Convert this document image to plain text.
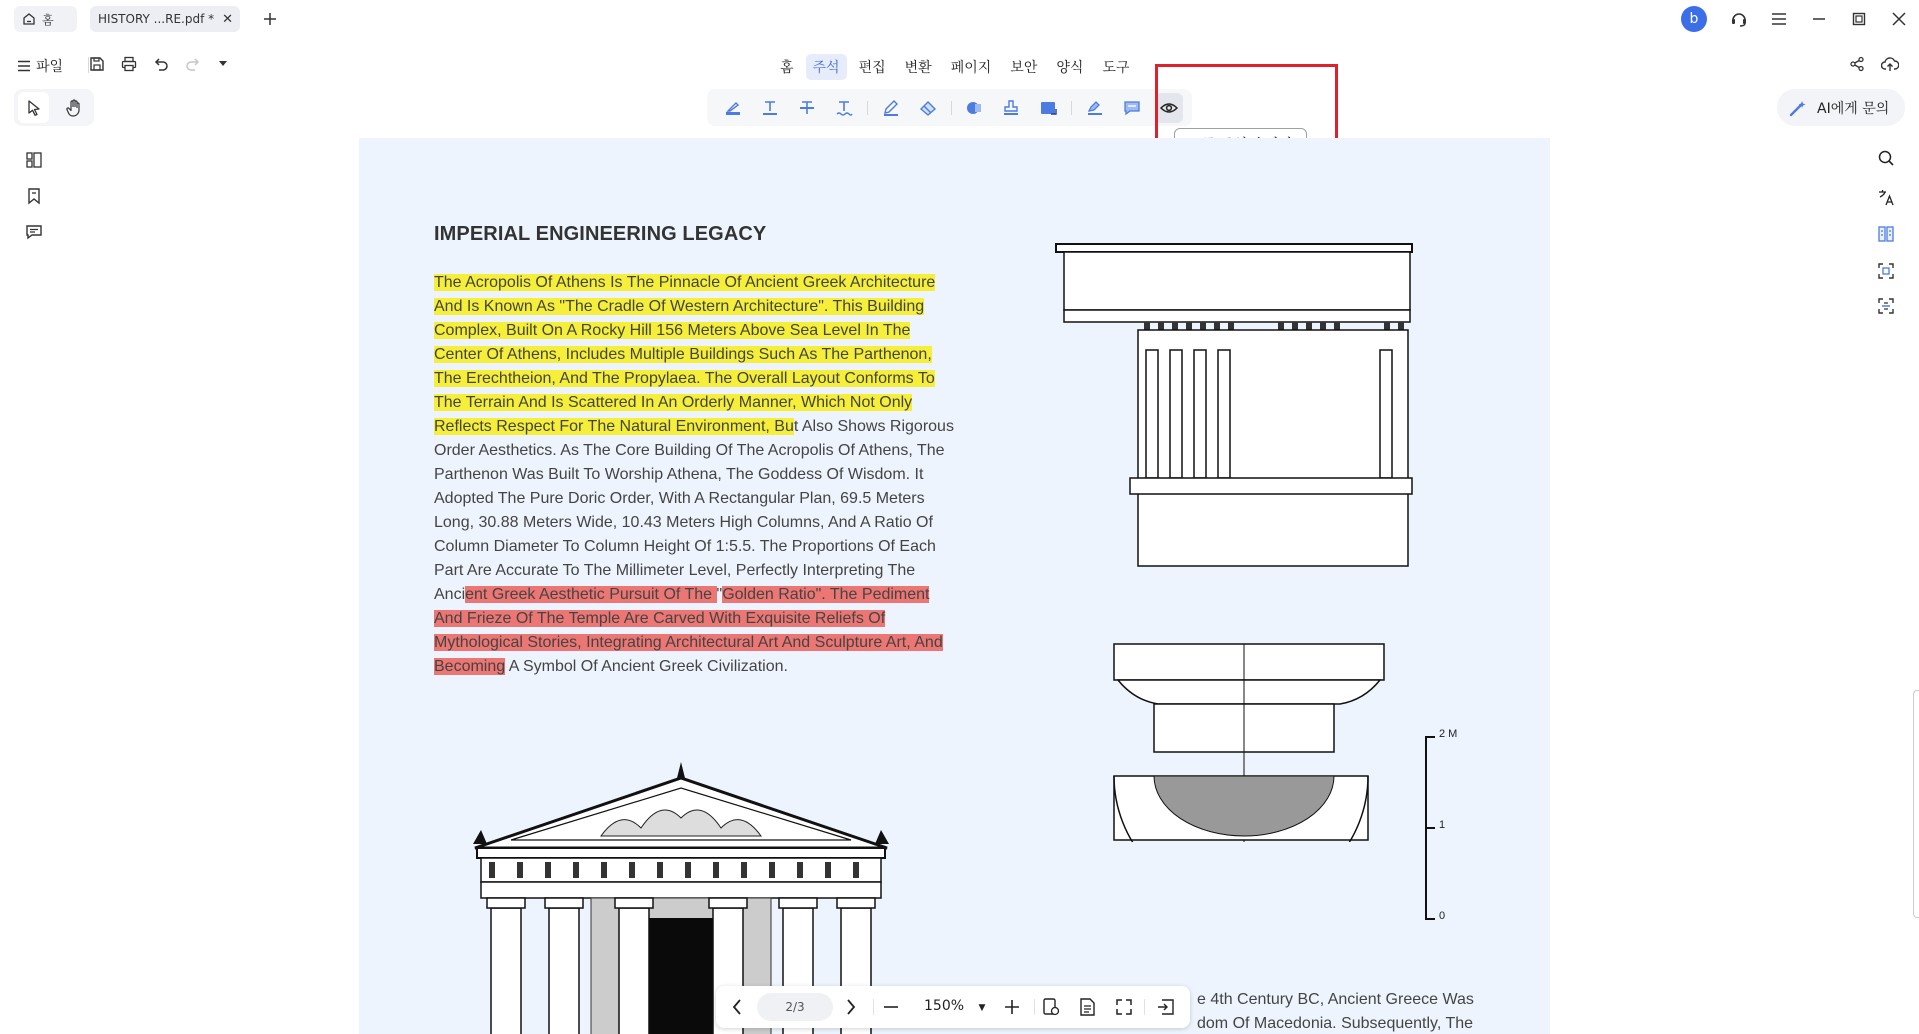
홈	HISTORY ...RE.pdf * ✕	b
파일	홈	주석	편집	변환	페이지	보안	양식	도구
AI에게 문의
IMPERIAL ENGINEERING LEGACY
The Acropolis Of Athens Is The Pinnacle Of Ancient Greek Architecture And Is Known As "The Cradle Of Western Architecture". This Building Complex, Built On A Rocky Hill 156 Meters Above Sea Level In The Center Of Athens, Includes Multiple Buildings Such As The Parthenon, The Erechtheion, And The Propylaea. The Overall Layout Conforms To The Terrain And Is Scattered In An Orderly Manner, Which Not Only Reflects Respect For The Natural Environment, But Also Shows Rigorous Order Aesthetics. As The Core Building Of The Acropolis Of Athens, The Parthenon Was Built To Worship Athena, The Goddess Of Wisdom. It Adopted The Pure Doric Order, With A Rectangular Plan, 69.5 Meters Long, 30.88 Meters Wide, 10.43 Meters High Columns, And A Ratio Of Column Diameter To Column Height Of 1:5.5. The Proportions Of Each Part Are Accurate To The Millimeter Level, Perfectly Interpreting The Ancient Greek Aesthetic Pursuit Of The "Golden Ratio". The Pediment And Frieze Of The Temple Are Carved With Exquisite Reliefs Of Mythological Stories, Integrating Architectural Art And Sculpture Art, And Becoming A Symbol Of Ancient Greek Civilization.
2 M
1
0
e 4th Century BC, Ancient Greece Was
dom Of Macedonia. Subsequently, The
2/3	150% ▼
